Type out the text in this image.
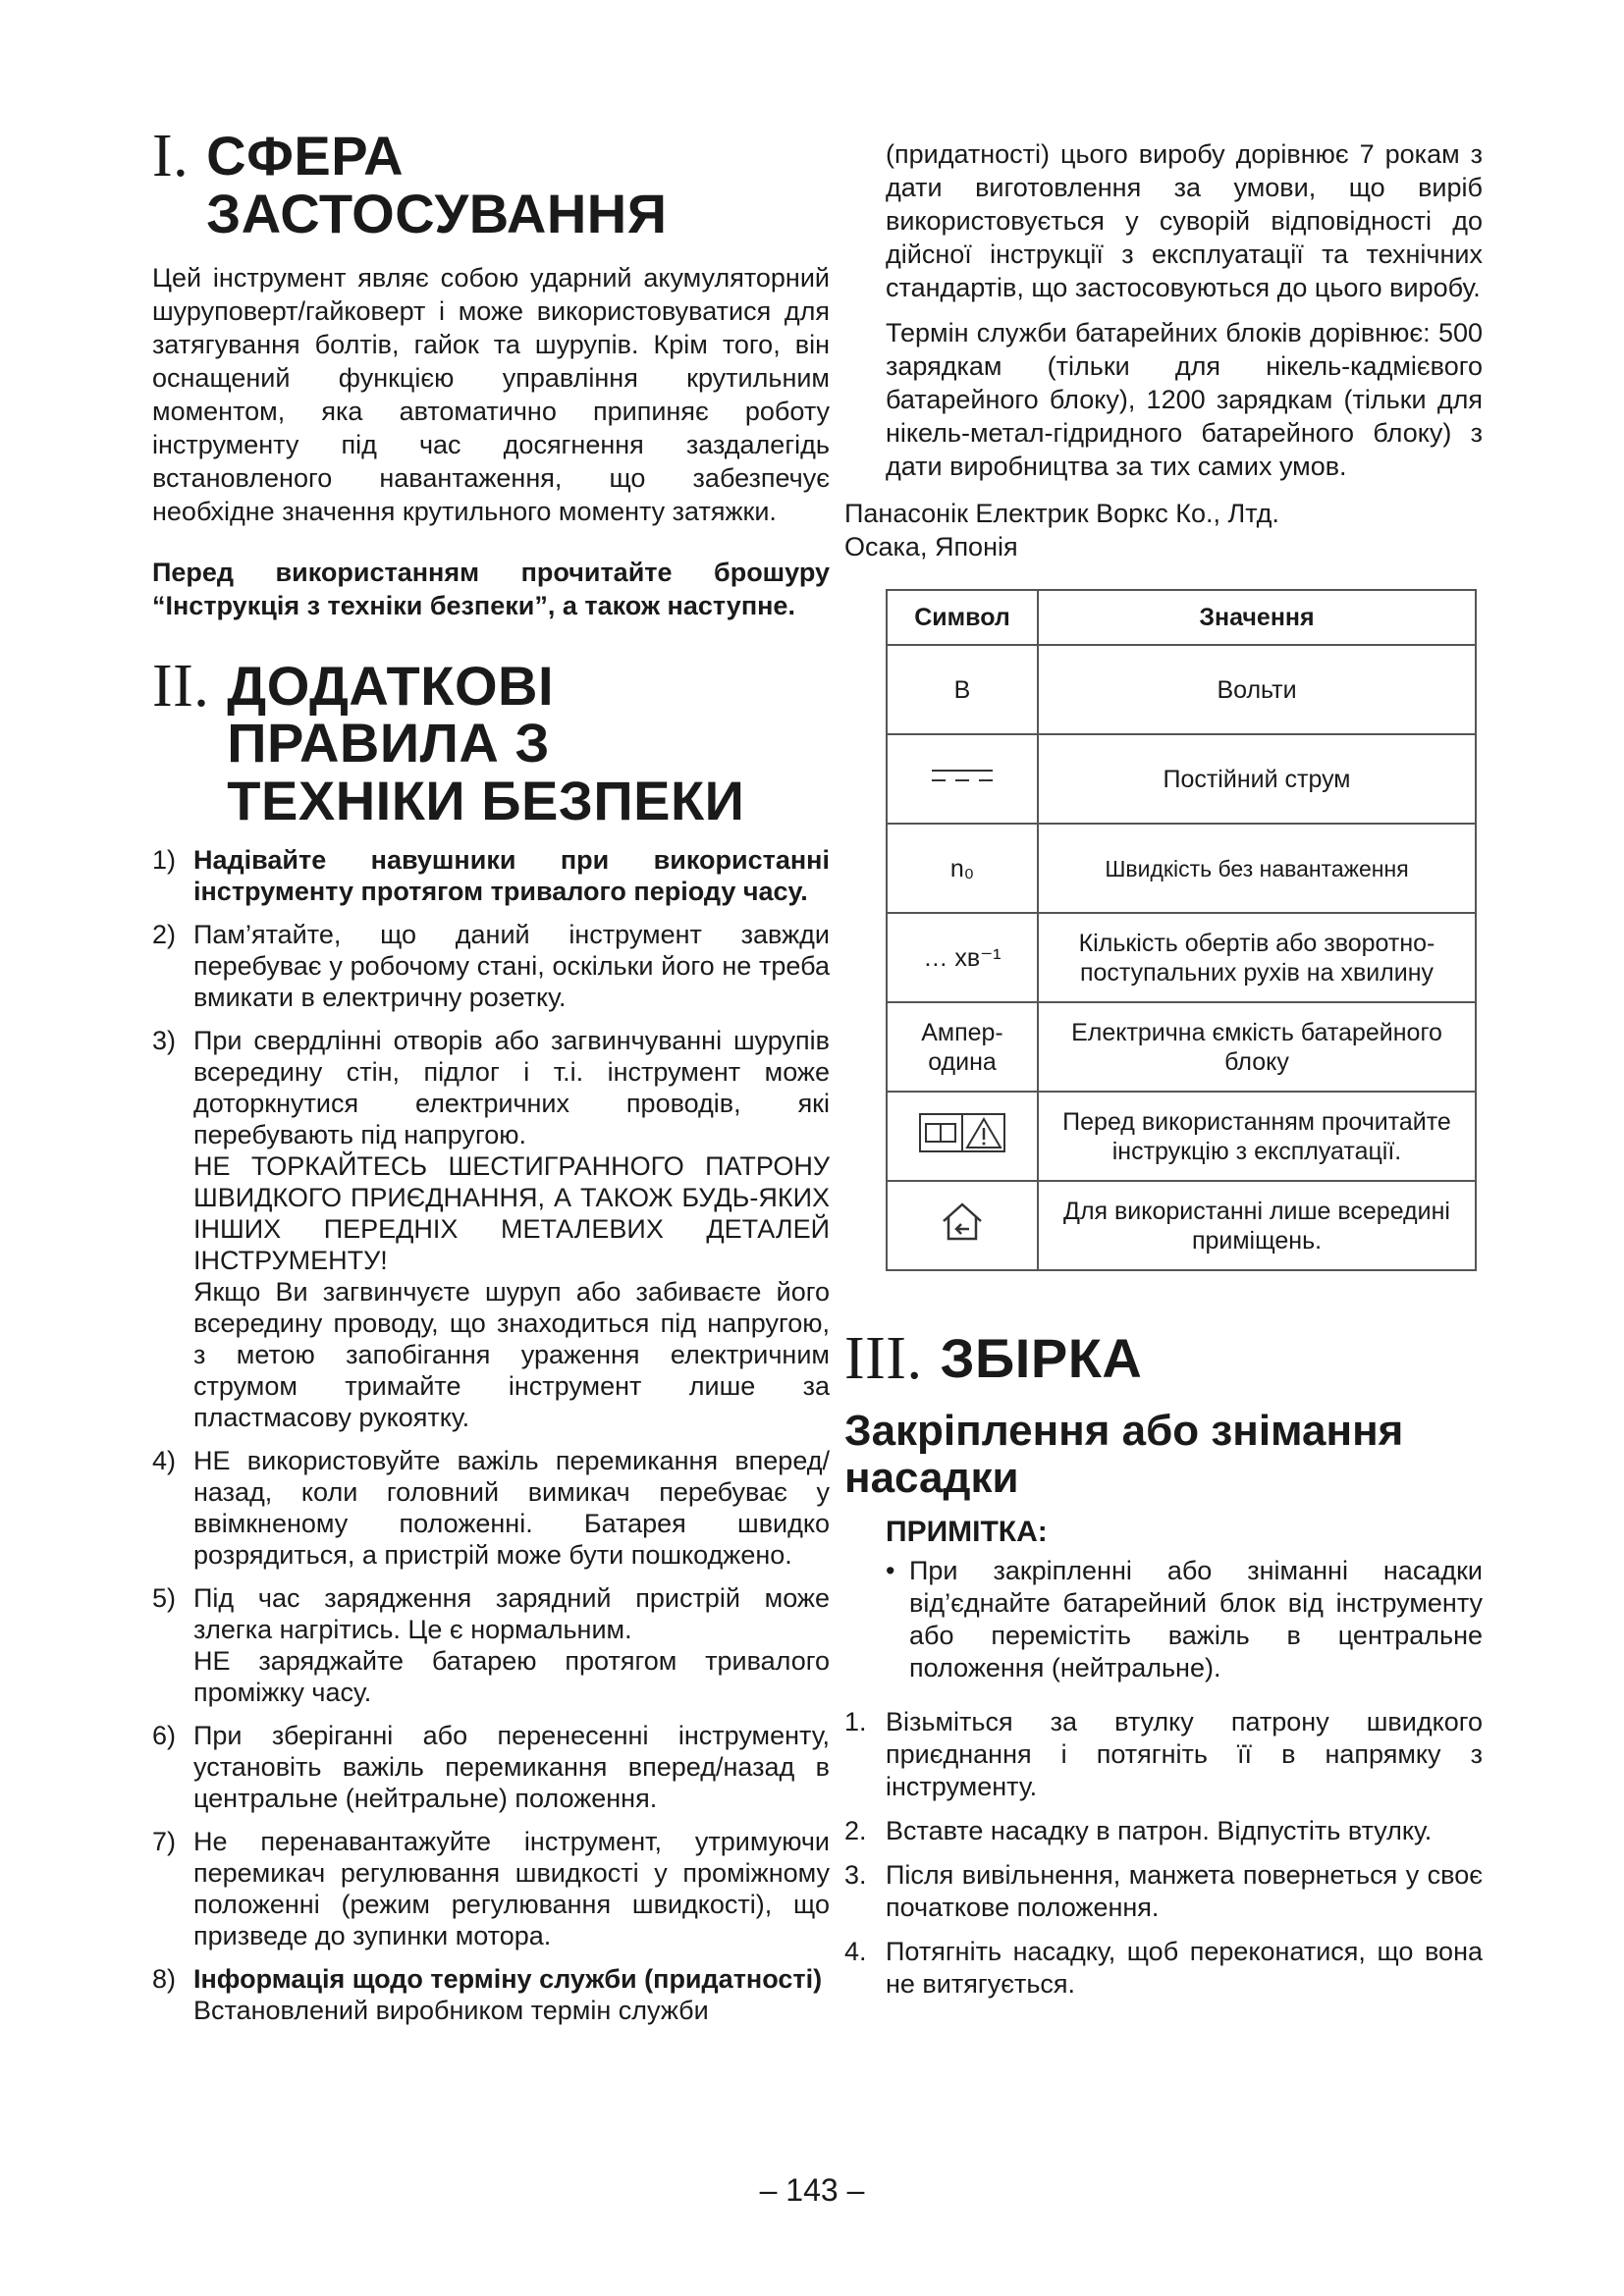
I. СФЕРА ЗАСТОСУВАННЯ

Цей інструмент являє собою ударний акумуляторний шуруповерт/гайковерт і може використовуватися для затягування болтів, гайок та шурупів. Крім того, він оснащений функцією управління крутильним моментом, яка автоматично припиняє роботу інструменту під час досягнення заздалегідь встановленого навантаження, що забезпечує необхідне значення крутильного моменту затяжки.

Перед використанням прочитайте брошуру “Інструкція з техніки безпеки”, а також наступне.

II. ДОДАТКОВІ ПРАВИЛА З
ТЕХНІКИ БЕЗПЕКИ
1) Надівайте навушники при використанні інструменту протягом тривалого періоду часу.
2) Пам’ятайте, що даний інструмент завжди перебуває у робочому стані, оскільки його не треба вмикати в електричну розетку.
3) При свердлінні отворів або загвинчуванні шурупів всередину стін, підлог і т.і. інструмент може доторкнутися електричних проводів, які перебувають під напругою.
НЕ ТОРКАЙТЕСЬ ШЕСТИГРАННОГО ПАТРОНУ ШВИДКОГО ПРИЄДНАННЯ, А ТАКОЖ БУДЬ-ЯКИХ ІНШИХ ПЕРЕДНІХ МЕТАЛЕВИХ ДЕТАЛЕЙ ІНСТРУМЕНТУ!
Якщо Ви загвинчуєте шуруп або забиваєте його всередину проводу, що знаходиться під напругою, з метою запобігання ураження електричним струмом тримайте інструмент лише за пластмасову рукоятку.
4) НЕ використовуйте важіль перемикання вперед/назад, коли головний вимикач перебуває у ввімкненому положенні. Батарея швидко розрядиться, а пристрій може бути пошкоджено.
5) Під час зарядження зарядний пристрій може злегка нагрітись. Це є нормальним.
НЕ заряджайте батарею протягом тривалого проміжку часу.
6) При зберіганні або перенесенні інструменту, установіть важіль перемикання вперед/назад в центральне (нейтральне) положення.
7) Не перенавантажуйте інструмент, утримуючи перемикач регулювання швидкості у проміжному положенні (режим регулювання швидкості), що призведе до зупинки мотора.
8) Інформація щодо терміну служби (придатності)
Встановлений виробником термін служби

(придатності) цього виробу дорівнює 7 рокам з дати виготовлення за умови, що виріб використовується у суворій відповідності до дійсної інструкції з експлуатації та технічних стандартів, що застосовуються до цього виробу.

Термін служби батарейних блоків дорівнює: 500 зарядкам (тільки для нікель-кадмієвого батарейного блоку), 1200 зарядкам (тільки для нікель-метал-гідридного батарейного блоку) з дати виробництва за тих самих умов.

Панасонік Електрик Воркс Ко., Лтд.
Осака, Японія
Символ	Значення
В	Вольти
	Постійний струм
n₀	Швидкість без навантаження
… хв⁻¹	Кількість обертів або зворотно-поступальних рухів на хвилину
Ампер-одина	Електрична ємкість батарейного блоку
	Перед використанням прочитайте інструкцію з експлуатації.
	Для використанні лише всередині приміщень.
III. ЗБІРКА
Закріплення або знімання насадки
ПРИМІТКА:
• При закріпленні або зніманні насадки від’єднайте батарейний блок від інструменту або перемістіть важіль в центральне положення (нейтральне).
1. Візьміться за втулку патрону швидкого приєднання і потягніть її в напрямку з інструменту.
2. Вставте насадку в патрон. Відпустіть втулку.
3. Після вивільнення, манжета повернеться у своє початкове положення.
4. Потягніть насадку, щоб переконатися, що вона не витягується.
– 143 –
